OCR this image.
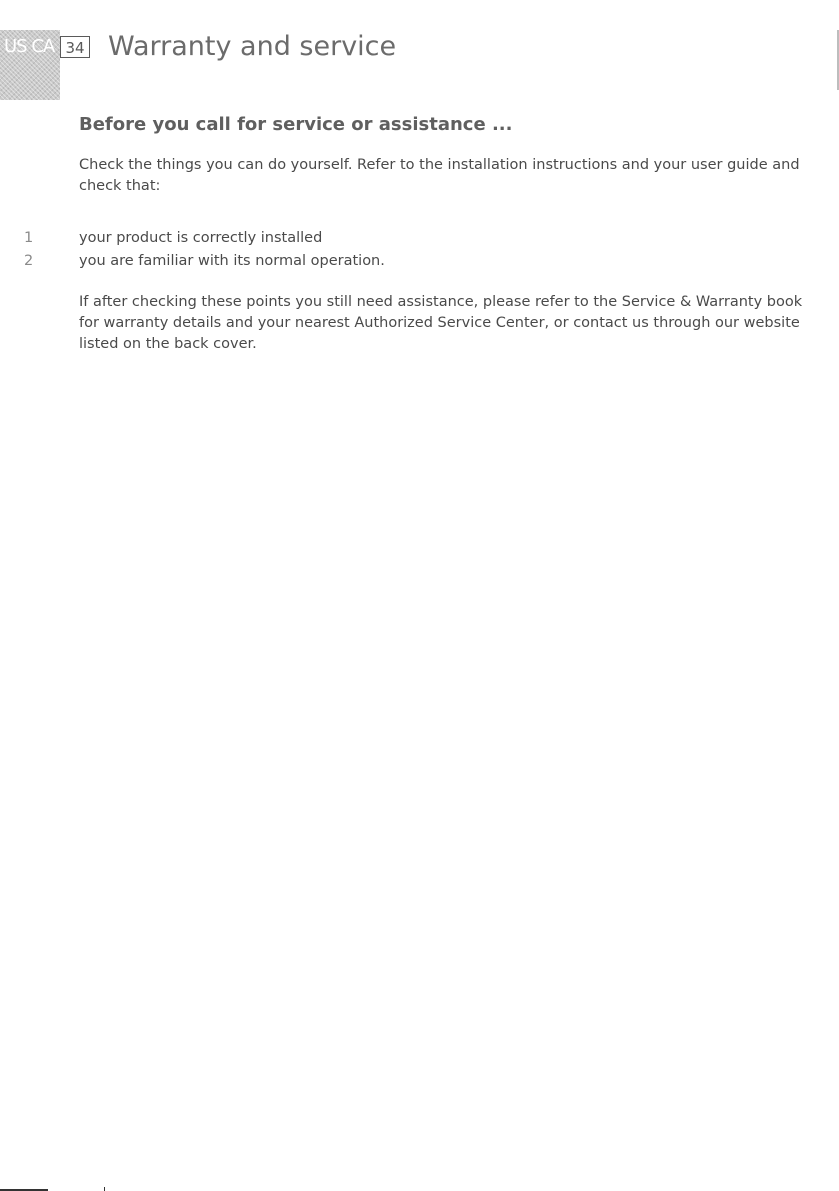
US CA 34 Warranty and service
Before you call for service or assistance ...

Check the things you can do yourself. Refer to the installation instructions and your user guide and check that:

1	your product is correctly installed
2	you are familiar with its normal operation.

If after checking these points you still need assistance, please refer to the Service & Warranty book for warranty details and your nearest Authorized Service Center, or contact us through our website listed on the back cover.
